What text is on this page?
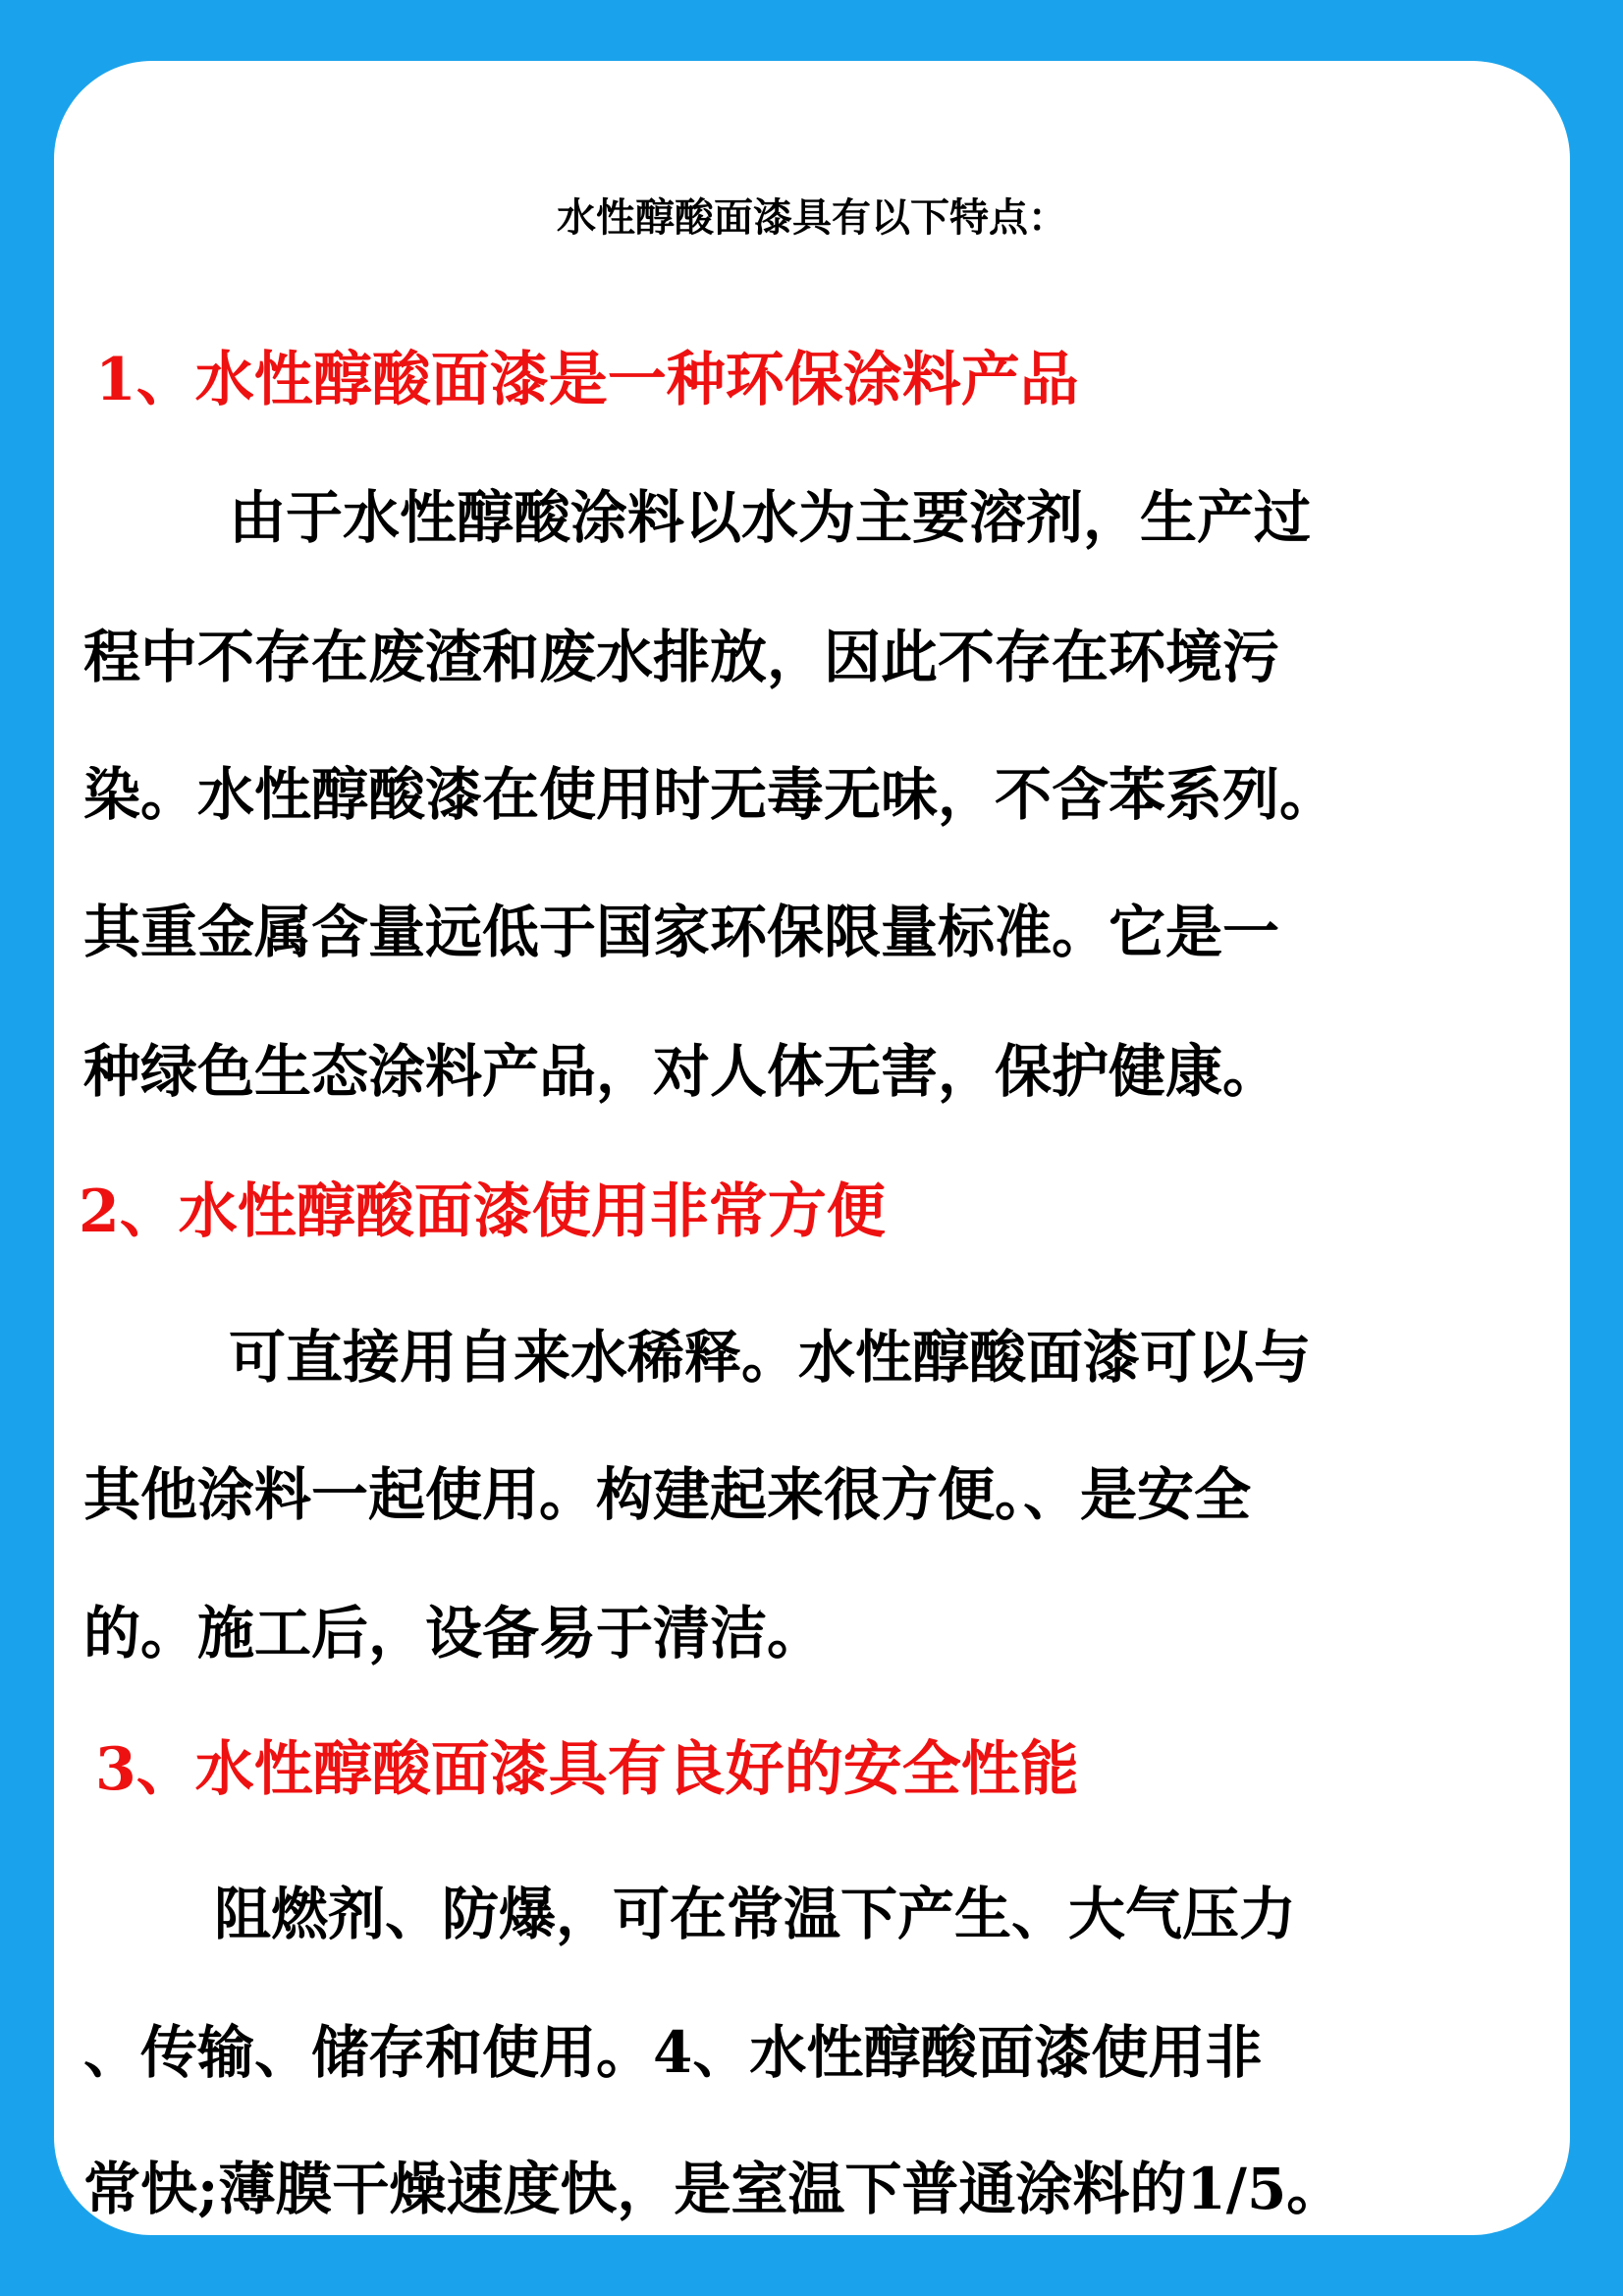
水性醇酸面漆具有以下特点：
1、水性醇酸面漆是一种环保涂料产品
由于水性醇酸涂料以水为主要溶剂，生产过
程中不存在废渣和废水排放，因此不存在环境污
染。水性醇酸漆在使用时无毒无味，不含苯系列。
其重金属含量远低于国家环保限量标准。它是一
种绿色生态涂料产品，对人体无害，保护健康。
2、水性醇酸面漆使用非常方便
可直接用自来水稀释。水性醇酸面漆可以与
其他涂料一起使用。构建起来很方便。、是安全
的。施工后，设备易于清洁。
3、水性醇酸面漆具有良好的安全性能
阻燃剂、防爆，可在常温下产生、大气压力
、传输、储存和使用。4、水性醇酸面漆使用非
常快;薄膜干燥速度快，是室温下普通涂料的1/5。
